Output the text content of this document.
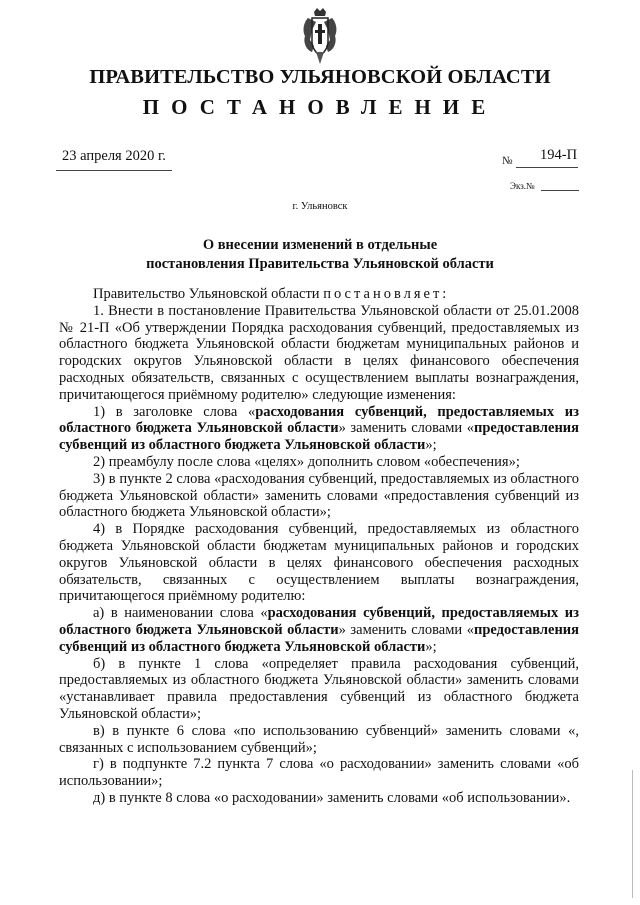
ПРАВИТЕЛЬСТВО УЛЬЯНОВСКОЙ ОБЛАСТИ
ПОСТАНОВЛЕНИЕ
23 апреля 2020 г.	№ 194-П
Экз.№
г. Ульяновск
О внесении изменений в отдельные
постановления Правительства Ульяновской области

Правительство Ульяновской области постановляет:

1. Внести в постановление Правительства Ульяновской области от 25.01.2008 № 21-П «Об утверждении Порядка расходования субвенций, предоставляемых из областного бюджета Ульяновской области бюджетам муниципальных районов и городских округов Ульяновской области в целях финансового обеспечения расходных обязательств, связанных с осуществлением выплаты вознаграждения, причитающегося приёмному родителю» следующие изменения:

1) в заголовке слова «расходования субвенций, предоставляемых из областного бюджета Ульяновской области» заменить словами «предоставления субвенций из областного бюджета Ульяновской области»;

2) преамбулу после слова «целях» дополнить словом «обеспечения»;

3) в пункте 2 слова «расходования субвенций, предоставляемых из областного бюджета Ульяновской области» заменить словами «предоставления субвенций из областного бюджета Ульяновской области»;

4) в Порядке расходования субвенций, предоставляемых из областного бюджета Ульяновской области бюджетам муниципальных районов и городских округов Ульяновской области в целях финансового обеспечения расходных обязательств, связанных с осуществлением выплаты вознаграждения, причитающегося приёмному родителю:

а) в наименовании слова «расходования субвенций, предоставляемых из областного бюджета Ульяновской области» заменить словами «предоставления субвенций из областного бюджета Ульяновской области»;

б) в пункте 1 слова «определяет правила расходования субвенций, предоставляемых из областного бюджета Ульяновской области» заменить словами «устанавливает правила предоставления субвенций из областного бюджета Ульяновской области»;

в) в пункте 6 слова «по использованию субвенций» заменить словами «, связанных с использованием субвенций»;

г) в подпункте 7.2 пункта 7 слова «о расходовании» заменить словами «об использовании»;

д) в пункте 8 слова «о расходовании» заменить словами «об использовании».
